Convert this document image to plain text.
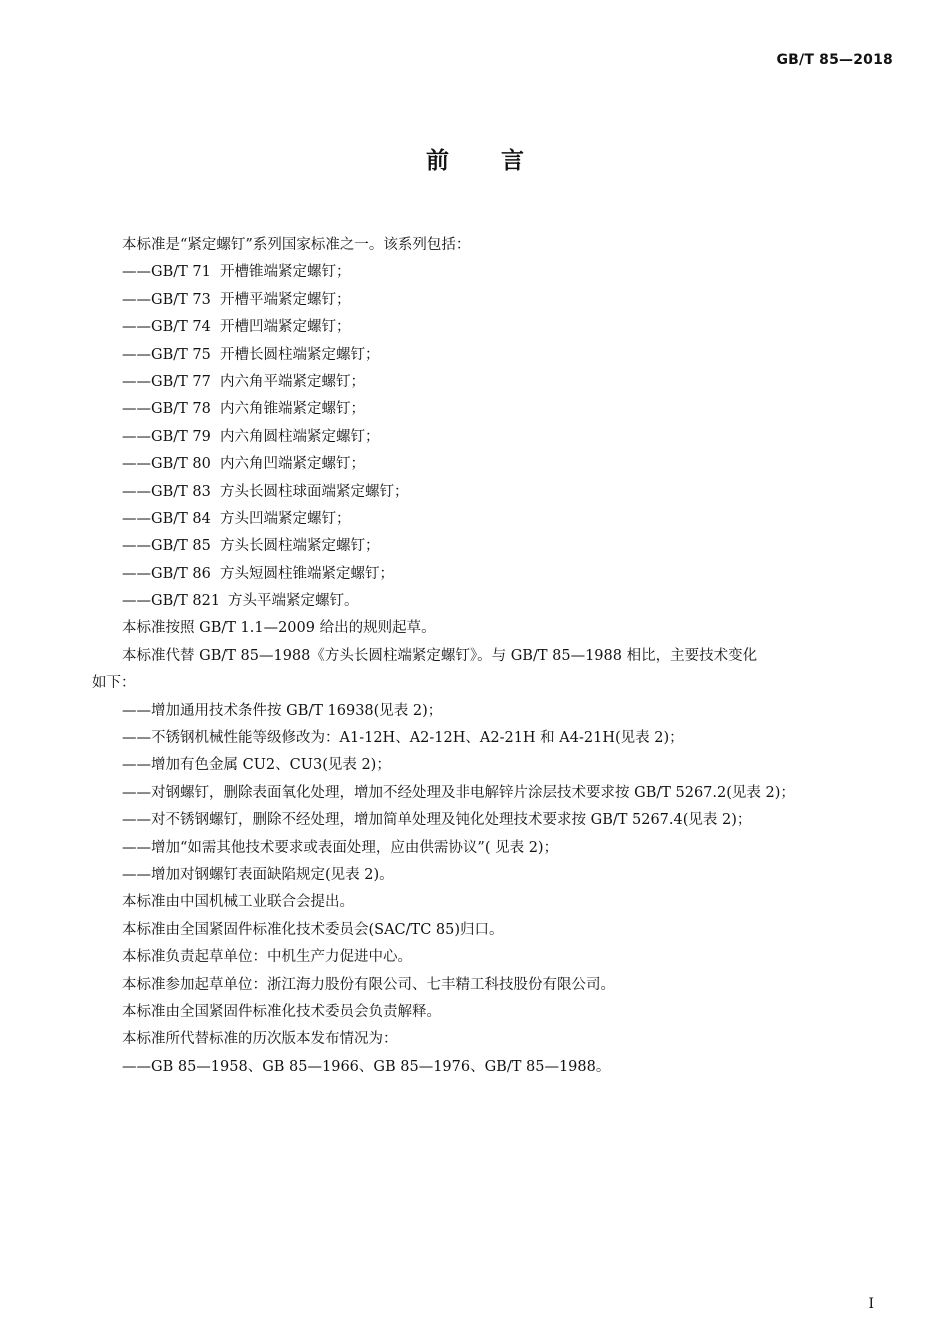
GB/T 85—2018
前言
本标准是“紧定螺钉”系列国家标准之一。该系列包括：
——GB/T 71 开槽锥端紧定螺钉；
——GB/T 73 开槽平端紧定螺钉；
——GB/T 74 开槽凹端紧定螺钉；
——GB/T 75 开槽长圆柱端紧定螺钉；
——GB/T 77 内六角平端紧定螺钉；
——GB/T 78 内六角锥端紧定螺钉；
——GB/T 79 内六角圆柱端紧定螺钉；
——GB/T 80 内六角凹端紧定螺钉；
——GB/T 83 方头长圆柱球面端紧定螺钉；
——GB/T 84 方头凹端紧定螺钉；
——GB/T 85 方头长圆柱端紧定螺钉；
——GB/T 86 方头短圆柱锥端紧定螺钉；
——GB/T 821 方头平端紧定螺钉。
本标准按照 GB/T 1.1—2009 给出的规则起草。
本标准代替 GB/T 85—1988《方头长圆柱端紧定螺钉》。与 GB/T 85—1988 相比，主要技术变化
如下：
——增加通用技术条件按 GB/T 16938(见表 2)；
——不锈钢机械性能等级修改为：A1-12H、A2-12H、A2-21H 和 A4-21H(见表 2)；
——增加有色金属 CU2、CU3(见表 2)；
——对钢螺钉，删除表面氧化处理，增加不经处理及非电解锌片涂层技术要求按 GB/T 5267.2(见表 2)；
——对不锈钢螺钉，删除不经处理，增加简单处理及钝化处理技术要求按 GB/T 5267.4(见表 2)；
——增加“如需其他技术要求或表面处理，应由供需协议”( 见表 2)；
——增加对钢螺钉表面缺陷规定(见表 2)。
本标准由中国机械工业联合会提出。
本标准由全国紧固件标准化技术委员会(SAC/TC 85)归口。
本标准负责起草单位：中机生产力促进中心。
本标准参加起草单位：浙江海力股份有限公司、七丰精工科技股份有限公司。
本标准由全国紧固件标准化技术委员会负责解释。
本标准所代替标准的历次版本发布情况为：
——GB 85—1958、GB 85—1966、GB 85—1976、GB/T 85—1988。
I
